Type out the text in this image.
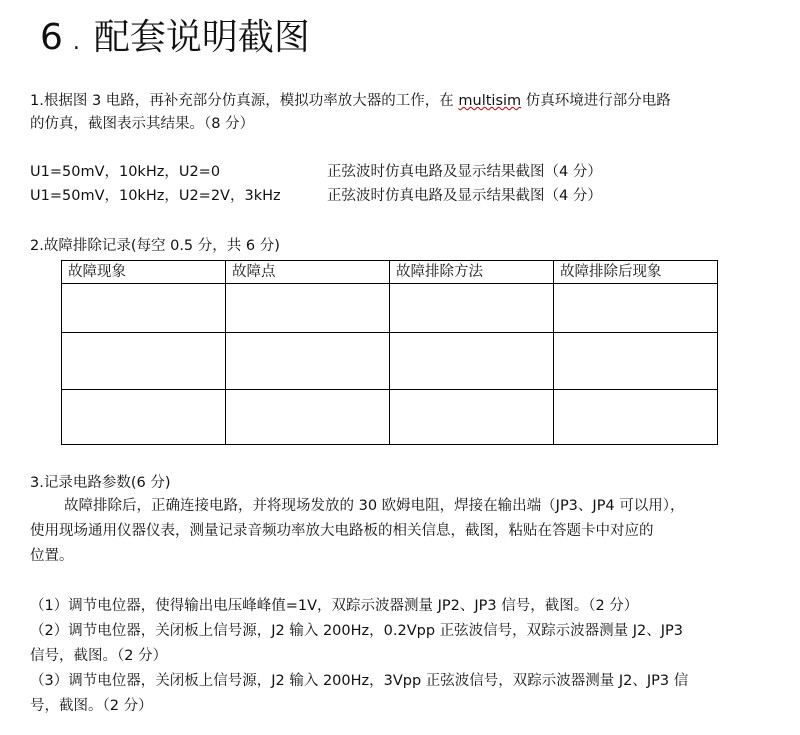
6 . 配套说明截图
1.根据图 3 电路，再补充部分仿真源，模拟功率放大器的工作，在 multisim 仿真环境进行部分电路
的仿真，截图表示其结果。（8 分）
U1=50mV，10kHz，U2=0	正弦波时仿真电路及显示结果截图（4 分）
U1=50mV，10kHz，U2=2V，3kHz	正弦波时仿真电路及显示结果截图（4 分）
2.故障排除记录(每空 0.5 分，共 6 分)
故障现象	故障点	故障排除方法	故障排除后现象

3.记录电路参数(6 分)
故障排除后，正确连接电路，并将现场发放的 30 欧姆电阻，焊接在输出端（JP3、JP4 可以用），
使用现场通用仪器仪表，测量记录音频功率放大电路板的相关信息，截图，粘贴在答题卡中对应的
位置。
（1）调节电位器，使得输出电压峰峰值=1V，双踪示波器测量 JP2、JP3 信号，截图。（2 分）
（2）调节电位器，关闭板上信号源，J2 输入 200Hz，0.2Vpp 正弦波信号，双踪示波器测量 J2、JP3
信号，截图。（2 分）
（3）调节电位器，关闭板上信号源，J2 输入 200Hz，3Vpp 正弦波信号，双踪示波器测量 J2、JP3 信
号，截图。（2 分）
